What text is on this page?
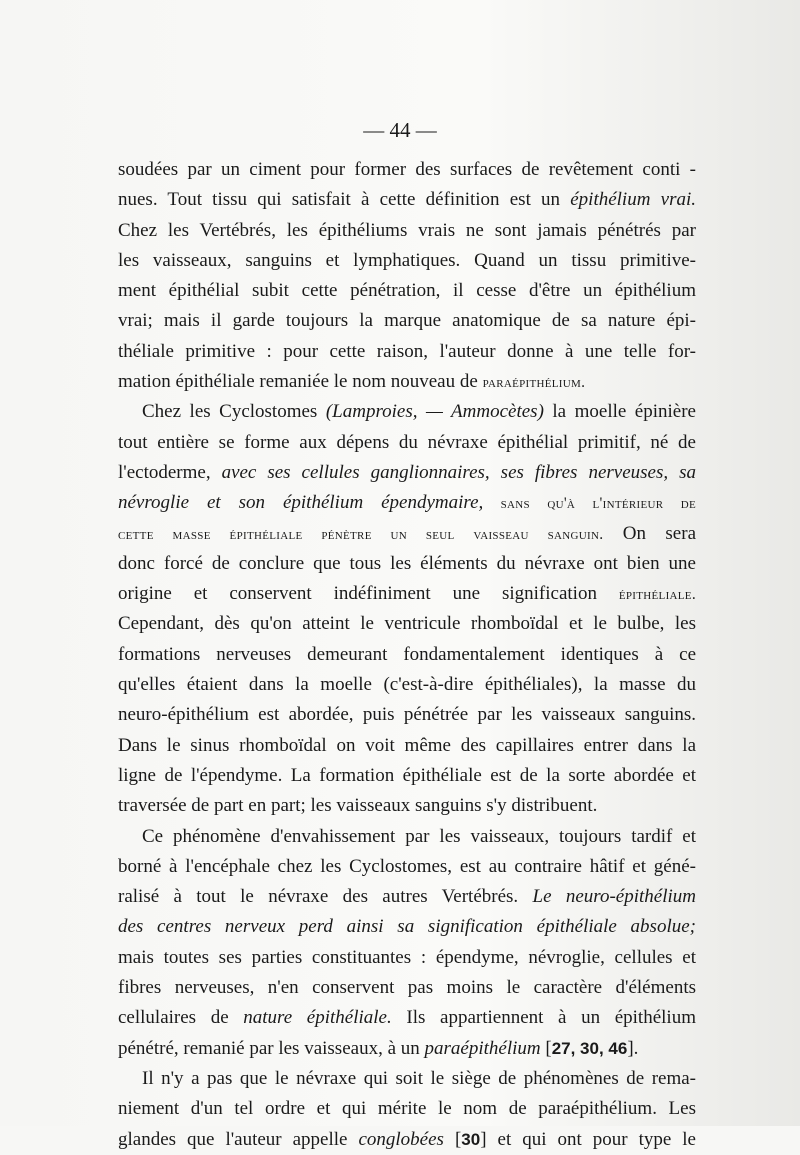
— 44 —
soudées par un ciment pour former des surfaces de revêtement conti -
nues. Tout tissu qui satisfait à cette définition est un épithélium vrai.
Chez les Vertébrés, les épithéliums vrais ne sont jamais pénétrés par
les vaisseaux, sanguins et lymphatiques. Quand un tissu primitive-
ment épithélial subit cette pénétration, il cesse d'être un épithélium
vrai; mais il garde toujours la marque anatomique de sa nature épi-
théliale primitive : pour cette raison, l'auteur donne à une telle for-
mation épithéliale remaniée le nom nouveau de paraépithélium.
Chez les Cyclostomes (Lamproies, — Ammocètes) la moelle épinière
tout entière se forme aux dépens du névraxe épithélial primitif, né de
l'ectoderme, avec ses cellules ganglionnaires, ses fibres nerveuses, sa
névroglie et son épithélium épendymaire, sans qu'à l'intérieur de
cette masse épithéliale pénètre un seul vaisseau sanguin. On sera
donc forcé de conclure que tous les éléments du névraxe ont bien une
origine et conservent indéfiniment une signification épithéliale.
Cependant, dès qu'on atteint le ventricule rhomboïdal et le bulbe, les
formations nerveuses demeurant fondamentalement identiques à ce
qu'elles étaient dans la moelle (c'est-à-dire épithéliales), la masse du
neuro-épithélium est abordée, puis pénétrée par les vaisseaux sanguins.
Dans le sinus rhomboïdal on voit même des capillaires entrer dans la
ligne de l'épendyme. La formation épithéliale est de la sorte abordée et
traversée de part en part; les vaisseaux sanguins s'y distribuent.
Ce phénomène d'envahissement par les vaisseaux, toujours tardif et
borné à l'encéphale chez les Cyclostomes, est au contraire hâtif et géné-
ralisé à tout le névraxe des autres Vertébrés. Le neuro-épithélium
des centres nerveux perd ainsi sa signification épithéliale absolue;
mais toutes ses parties constituantes : épendyme, névroglie, cellules et
fibres nerveuses, n'en conservent pas moins le caractère d'éléments
cellulaires de nature épithéliale. Ils appartiennent à un épithélium
pénétré, remanié par les vaisseaux, à un paraépithélium [27, 30, 46].
Il n'y a pas que le névraxe qui soit le siège de phénomènes de rema-
niement d'un tel ordre et qui mérite le nom de paraépithélium. Les
glandes que l'auteur appelle conglobées [30] et qui ont pour type le
